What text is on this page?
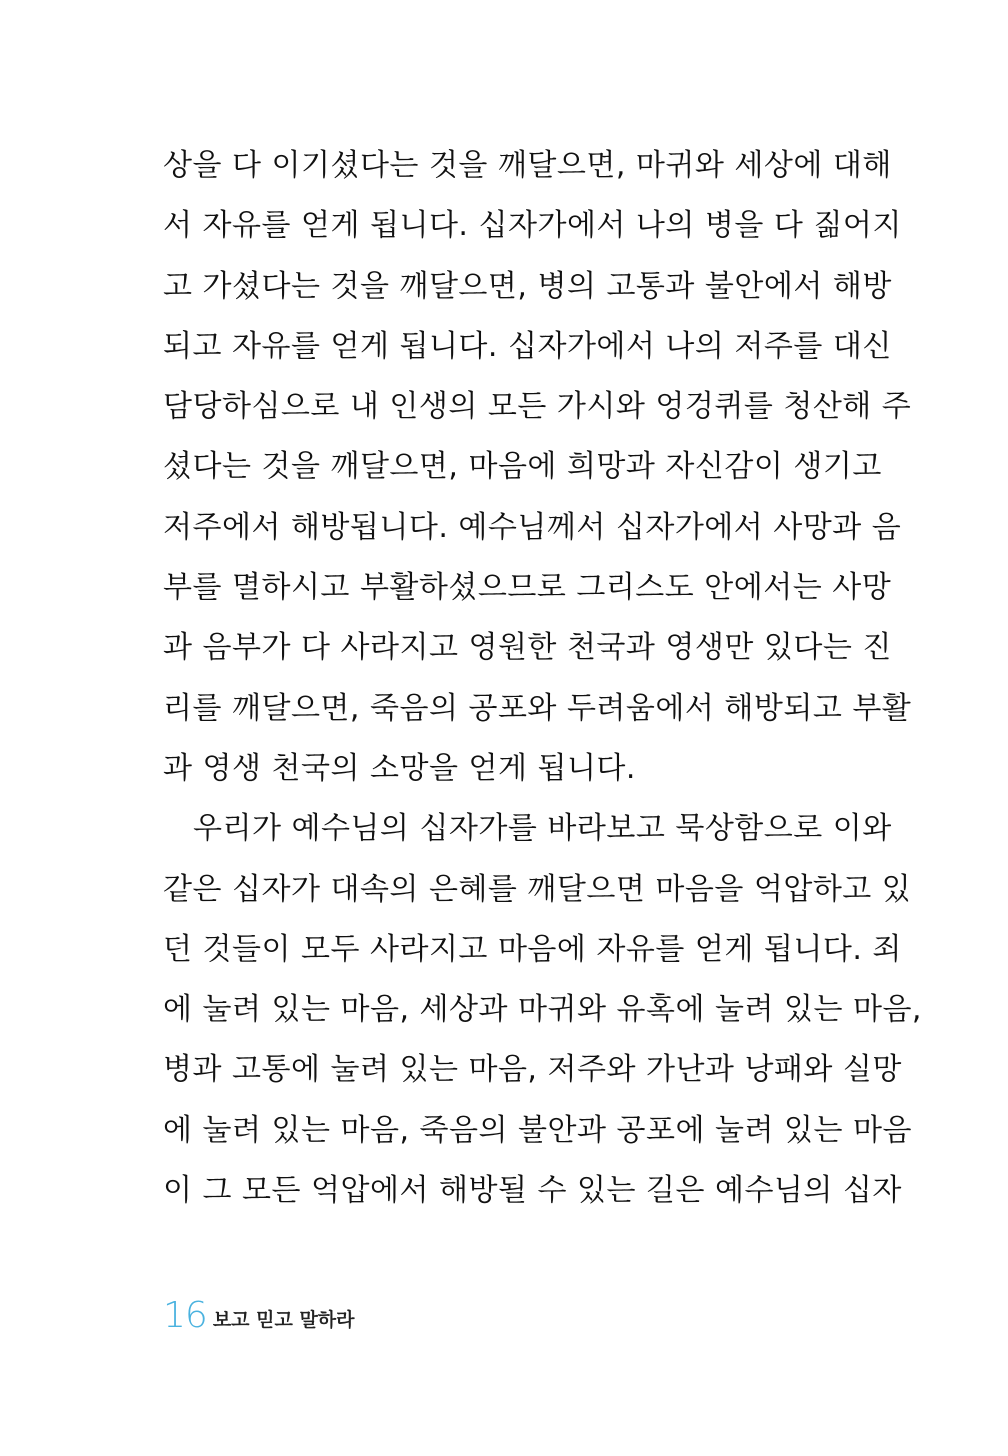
상을 다 이기셨다는 것을 깨달으면, 마귀와 세상에 대해
서 자유를 얻게 됩니다. 십자가에서 나의 병을 다 짊어지
고 가셨다는 것을 깨달으면, 병의 고통과 불안에서 해방
되고 자유를 얻게 됩니다. 십자가에서 나의 저주를 대신
담당하심으로 내 인생의 모든 가시와 엉겅퀴를 청산해 주
셨다는 것을 깨달으면, 마음에 희망과 자신감이 생기고
저주에서 해방됩니다. 예수님께서 십자가에서 사망과 음
부를 멸하시고 부활하셨으므로 그리스도 안에서는 사망
과 음부가 다 사라지고 영원한 천국과 영생만 있다는 진
리를 깨달으면, 죽음의 공포와 두려움에서 해방되고 부활
과 영생 천국의 소망을 얻게 됩니다.
우리가 예수님의 십자가를 바라보고 묵상함으로 이와
같은 십자가 대속의 은혜를 깨달으면 마음을 억압하고 있
던 것들이 모두 사라지고 마음에 자유를 얻게 됩니다. 죄
에 눌려 있는 마음, 세상과 마귀와 유혹에 눌려 있는 마음,
병과 고통에 눌려 있는 마음, 저주와 가난과 낭패와 실망
에 눌려 있는 마음, 죽음의 불안과 공포에 눌려 있는 마음
이 그 모든 억압에서 해방될 수 있는 길은 예수님의 십자
16 보고 믿고 말하라
